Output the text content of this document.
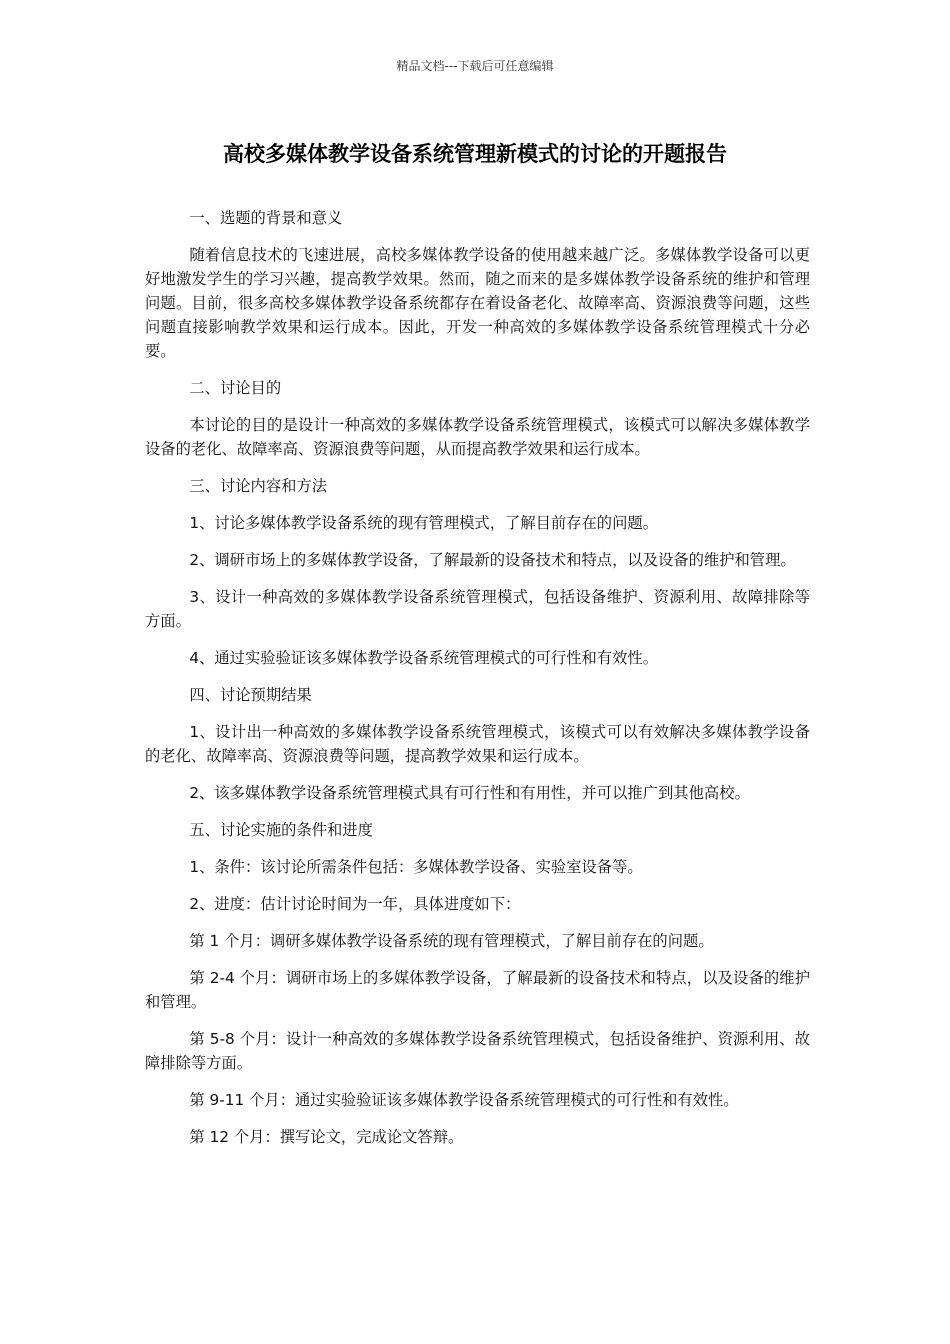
精品文档---下载后可任意编辑
高校多媒体教学设备系统管理新模式的讨论的开题报告
一、选题的背景和意义
随着信息技术的飞速进展，高校多媒体教学设备的使用越来越广泛。多媒体教学设备可以更好地激发学生的学习兴趣，提高教学效果。然而，随之而来的是多媒体教学设备系统的维护和管理问题。目前，很多高校多媒体教学设备系统都存在着设备老化、故障率高、资源浪费等问题，这些问题直接影响教学效果和运行成本。因此，开发一种高效的多媒体教学设备系统管理模式十分必要。
二、讨论目的
本讨论的目的是设计一种高效的多媒体教学设备系统管理模式，该模式可以解决多媒体教学设备的老化、故障率高、资源浪费等问题，从而提高教学效果和运行成本。
三、讨论内容和方法
1、讨论多媒体教学设备系统的现有管理模式，了解目前存在的问题。
2、调研市场上的多媒体教学设备，了解最新的设备技术和特点，以及设备的维护和管理。
3、设计一种高效的多媒体教学设备系统管理模式，包括设备维护、资源利用、故障排除等方面。
4、通过实验验证该多媒体教学设备系统管理模式的可行性和有效性。
四、讨论预期结果
1、设计出一种高效的多媒体教学设备系统管理模式，该模式可以有效解决多媒体教学设备的老化、故障率高、资源浪费等问题，提高教学效果和运行成本。
2、该多媒体教学设备系统管理模式具有可行性和有用性，并可以推广到其他高校。
五、讨论实施的条件和进度
1、条件：该讨论所需条件包括：多媒体教学设备、实验室设备等。
2、进度：估计讨论时间为一年，具体进度如下：
第 1 个月：调研多媒体教学设备系统的现有管理模式，了解目前存在的问题。
第 2-4 个月：调研市场上的多媒体教学设备，了解最新的设备技术和特点，以及设备的维护和管理。
第 5-8 个月：设计一种高效的多媒体教学设备系统管理模式，包括设备维护、资源利用、故障排除等方面。
第 9-11 个月：通过实验验证该多媒体教学设备系统管理模式的可行性和有效性。
第 12 个月：撰写论文，完成论文答辩。
